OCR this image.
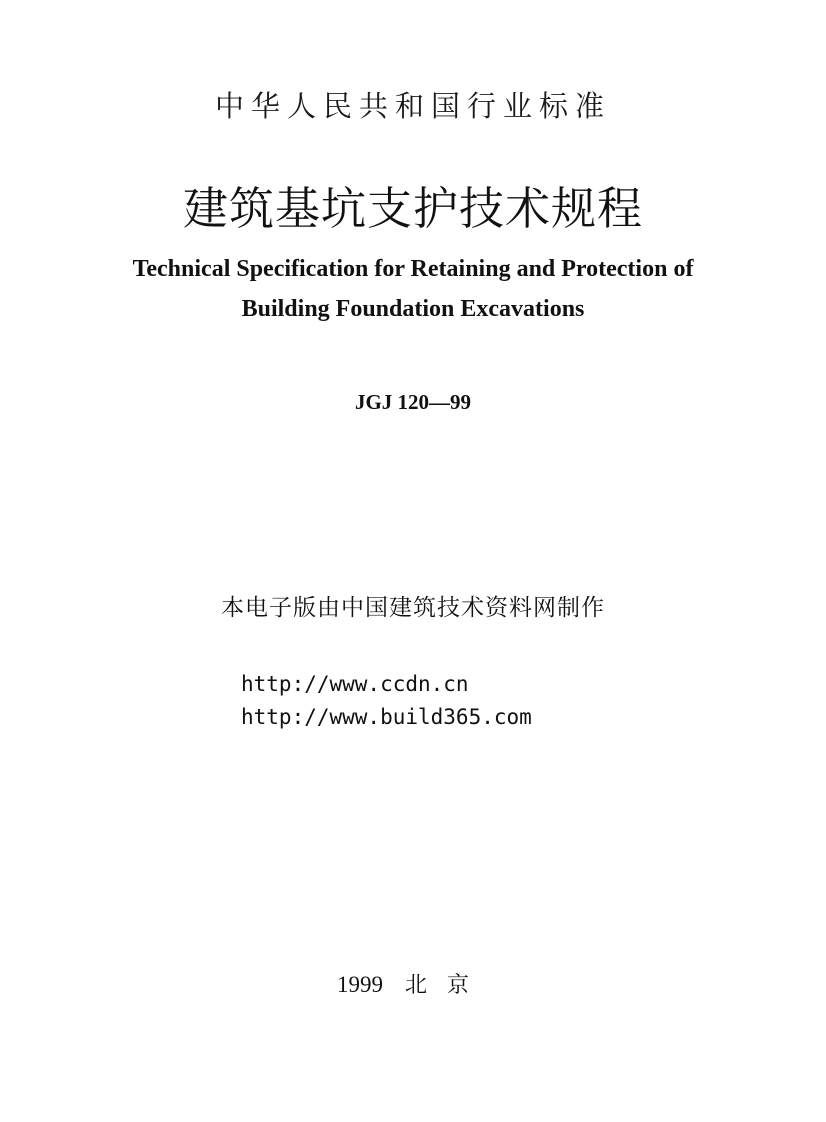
中华人民共和国行业标准
建筑基坑支护技术规程
Technical Specification for Retaining and Protection of
Building Foundation Excavations
JGJ 120—99
本电子版由中国建筑技术资料网制作
http://www.ccdn.cn
http://www.build365.com
1999 北京
